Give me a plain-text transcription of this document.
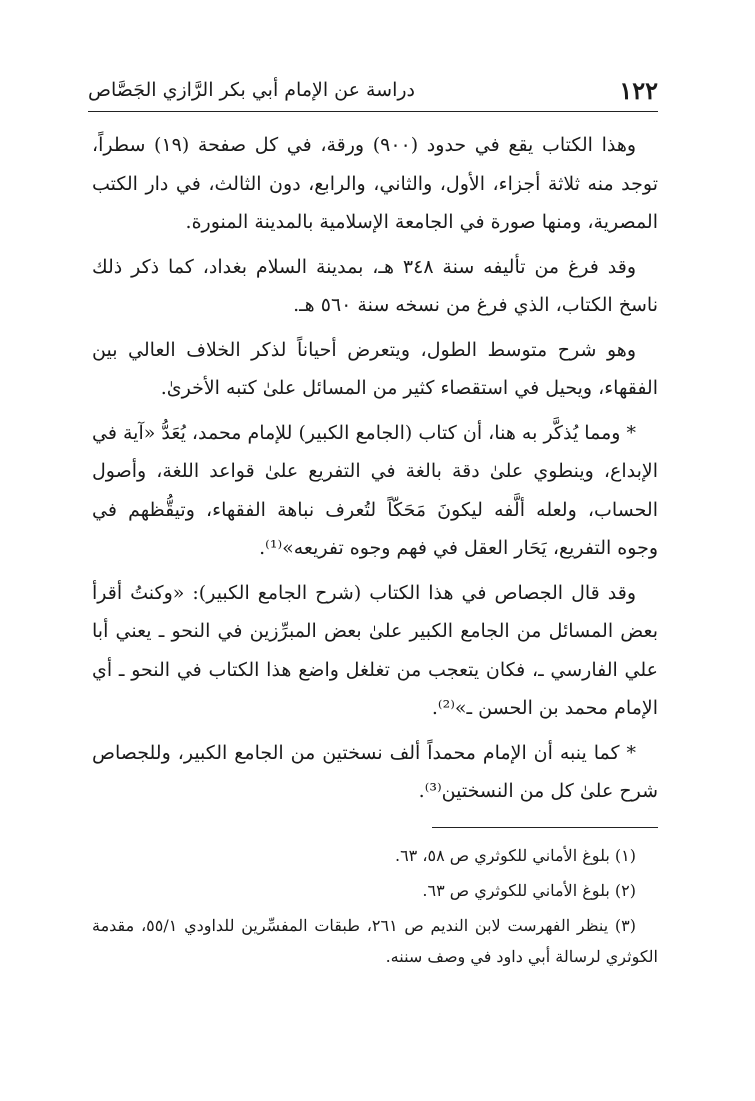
١٢٢
دراسة عن الإمام أبي بكر الرَّازي الجَصَّاص

وهذا الكتاب يقع في حدود (٩٠٠) ورقة، في كل صفحة (١٩) سطراً، توجد منه ثلاثة أجزاء، الأول، والثاني، والرابع، دون الثالث، في دار الكتب المصرية، ومنها صورة في الجامعة الإسلامية بالمدينة المنورة.

وقد فرغ من تأليفه سنة ٣٤٨ هـ، بمدينة السلام بغداد، كما ذكر ذلك ناسخ الكتاب، الذي فرغ من نسخه سنة ٥٦٠ هـ.

وهو شرح متوسط الطول، ويتعرض أحياناً لذكر الخلاف العالي بين الفقهاء، ويحيل في استقصاء كثير من المسائل علىٰ كتبه الأخرىٰ.

* ومما يُذكَّر به هنا، أن كتاب (الجامع الكبير) للإمام محمد، يُعَدُّ «آية في الإبداع، وينطوي علىٰ دقة بالغة في التفريع علىٰ قواعد اللغة، وأصول الحساب، ولعله ألَّفه ليكونَ مَحَكّاً لتُعرف نباهة الفقهاء، وتيقُّظهم في وجوه التفريع، يَحَار العقل في فهم وجوه تفريعه»⁽¹⁾.

وقد قال الجصاص في هذا الكتاب (شرح الجامع الكبير): «وكنتُ أقرأ بعض المسائل من الجامع الكبير علىٰ بعض المبرِّزين في النحو ـ يعني أبا علي الفارسي ـ، فكان يتعجب من تغلغل واضع هذا الكتاب في النحو ـ أي الإمام محمد بن الحسن ـ»⁽²⁾.

* كما ينبه أن الإمام محمداً ألف نسختين من الجامع الكبير، وللجصاص شرح علىٰ كل من النسختين⁽³⁾.

(١) بلوغ الأماني للكوثري ص ٥٨، ٦٣.

(٢) بلوغ الأماني للكوثري ص ٦٣.

(٣) ينظر الفهرست لابن النديم ص ٢٦١، طبقات المفسِّرين للداودي ٥٥/١، مقدمة الكوثري لرسالة أبي داود في وصف سننه.
